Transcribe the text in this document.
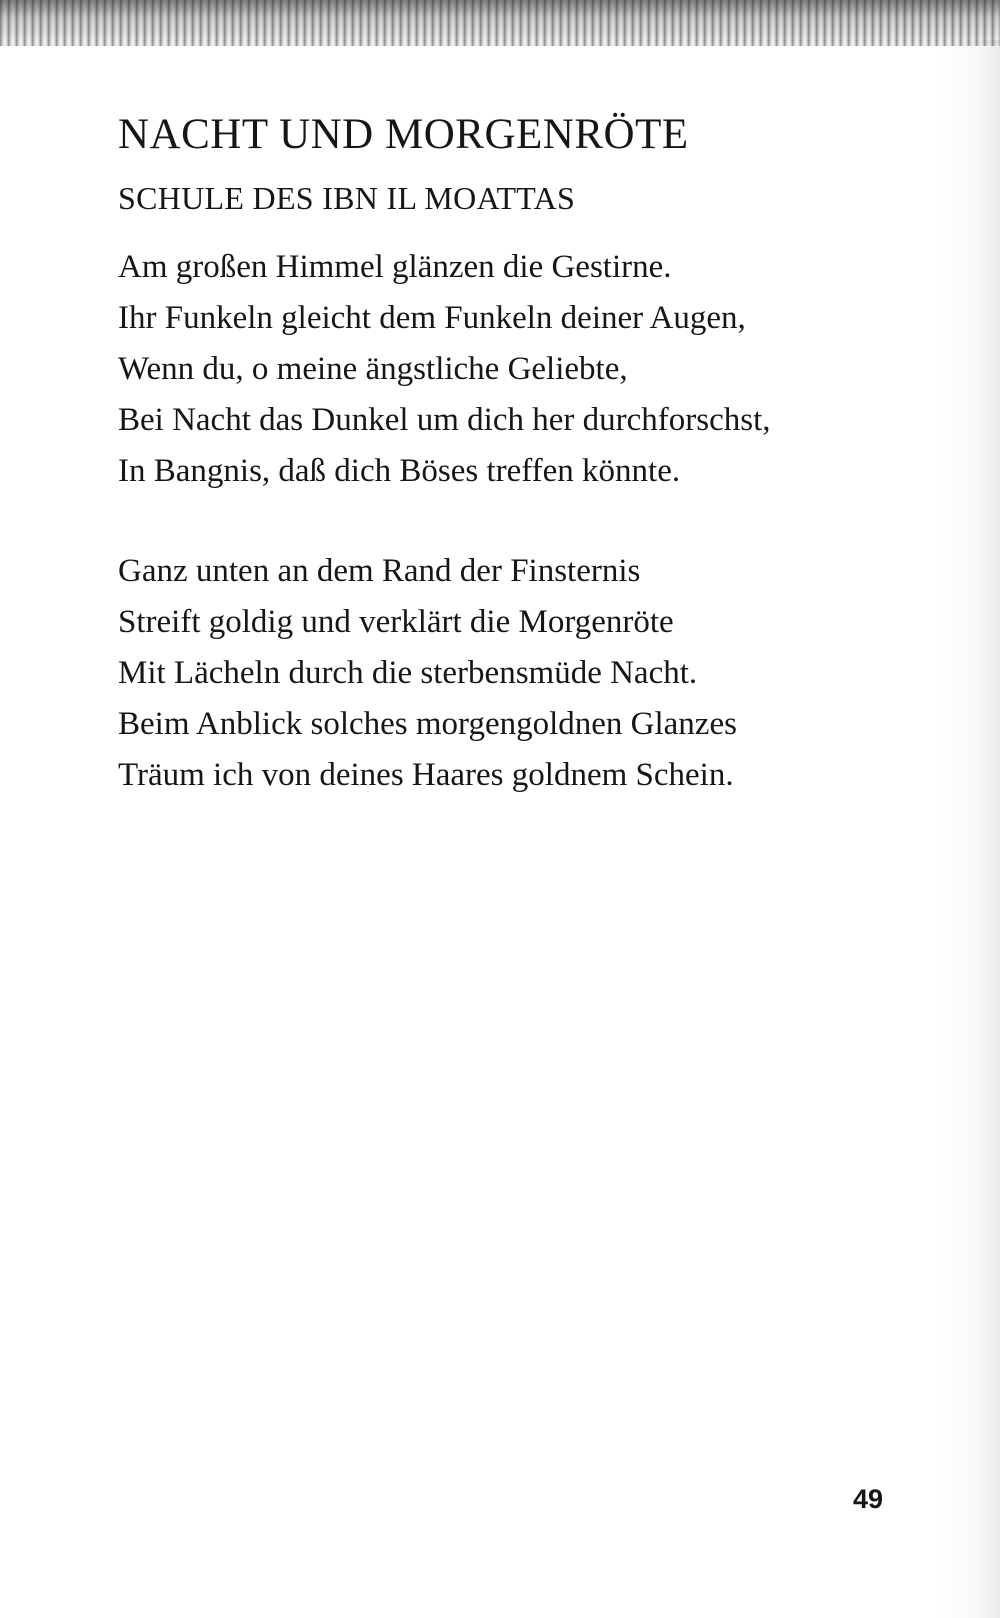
NACHT UND MORGENRÖTE
SCHULE DES IBN IL MOATTAS
Am großen Himmel glänzen die Gestirne.
Ihr Funkeln gleicht dem Funkeln deiner Augen,
Wenn du, o meine ängstliche Geliebte,
Bei Nacht das Dunkel um dich her durchforschst,
In Bangnis, daß dich Böses treffen könnte.
Ganz unten an dem Rand der Finsternis
Streift goldig und verklärt die Morgenröte
Mit Lächeln durch die sterbensmüde Nacht.
Beim Anblick solches morgengoldnen Glanzes
Träum ich von deines Haares goldnem Schein.
49
